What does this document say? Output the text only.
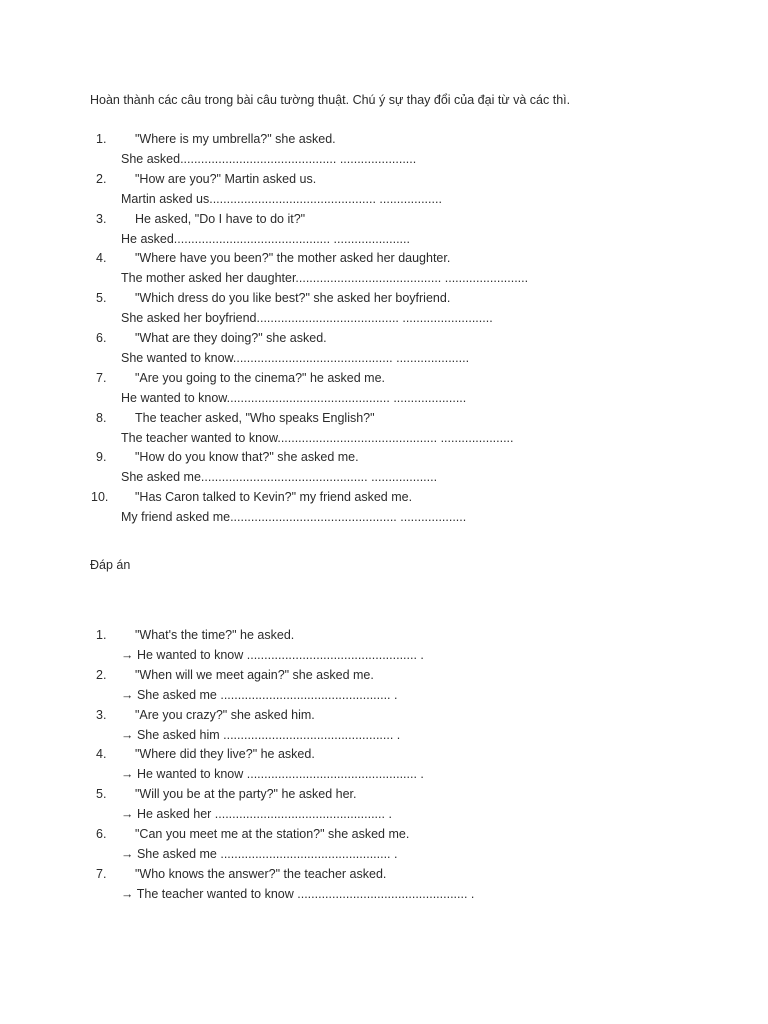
Hoàn thành các câu trong bài câu tường thuật. Chú ý sự thay đổi của đại từ và các thì.
1.	"Where is my umbrella?" she asked.
She asked............................................. ......................
2.	"How are you?" Martin asked us.
Martin asked us................................................ ..................
3.	He asked, "Do I have to do it?"
He asked............................................. ......................
4.	"Where have you been?" the mother asked her daughter.
The mother asked her daughter.......................................... ........................
5.	"Which dress do you like best?" she asked her boyfriend.
She asked her boyfriend......................................... ..........................
6.	"What are they doing?" she asked.
She wanted to know.............................................. .....................
7.	"Are you going to the cinema?" he asked me.
He wanted to know............................................... .....................
8.	The teacher asked, "Who speaks English?"
The teacher wanted to know.............................................. .....................
9.	"How do you know that?" she asked me.
She asked me................................................ ...................
10. "Has Caron talked to Kevin?" my friend asked me.
My friend asked me................................................ ...................
Đáp án
1.	"What's the time?" he asked.
→ He wanted to know ................................................. .
2.	"When will we meet again?" she asked me.
→ She asked me ................................................. .
3.	"Are you crazy?" she asked him.
→ She asked him ................................................. .
4.	"Where did they live?" he asked.
→ He wanted to know ................................................. .
5.	"Will you be at the party?" he asked her.
→ He asked her ................................................. .
6.	"Can you meet me at the station?" she asked me.
→ She asked me ................................................. .
7.	"Who knows the answer?" the teacher asked.
→ The teacher wanted to know ................................................. .
